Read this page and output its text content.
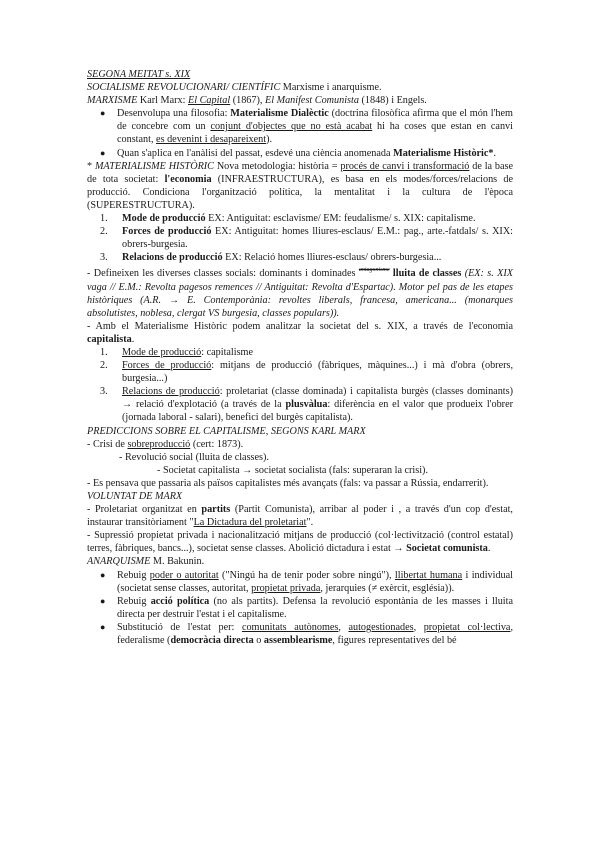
SEGONA MEITAT s. XIX

SOCIALISME REVOLUCIONARI/ CIENTÍFIC Marxisme i anarquisme.

MARXISME Karl Marx: El Capital (1867), El Manifest Comunista (1848) i Engels.

● Desenvolupa una filosofia: Materialisme Dialèctic (doctrina filosòfica afirma que el món l'hem de concebre com un conjunt d'objectes que no està acabat hi ha coses que estan en canvi constant, es devenint i desapareixent).
● Quan s'aplica en l'anàlisi del passat, esdevé una ciència anomenada Materialisme Històric*.

* MATERIALISME HISTÒRIC Nova metodologia: història = procés de canvi i transformació de la base de tota societat: l'economia (INFRAESTRUCTURA), es basa en els modes/forces/relacions de producció. Condiciona l'organització política, la mentalitat i la cultura de l'època (SUPERESTRUCTURA).

1. Mode de producció EX: Antiguitat: esclavisme/ EM: feudalisme/ s. XIX: capitalisme.
2. Forces de producció EX: Antiguitat: homes lliures-esclaus/ E.M.: pag., arte.-fatdals/ s. XIX: obrers-burgesia.
3. Relacions de producció EX: Relació homes lliures-esclaus/ obrers-burgesia...

- Defineixen les diverses classes socials: dominants i dominades $^{antagonisme}$ lluita de classes (EX: s. XIX vaga // E.M.: Revolta pagesos remences // Antiguitat: Revolta d'Espartac). Motor pel pas de les etapes històriques (A.R. → E. Contemporània: revoltes liberals, francesa, americana... (monarques absolutistes, noblesa, clergat VS burgesia, classes populars)).

- Amb el Materialisme Històric podem analitzar la societat del s. XIX, a través de l'economia capitalista.

1. Mode de producció: capitalisme
2. Forces de producció: mitjans de producció (fàbriques, màquines...) i mà d'obra (obrers, burgesia...)
3. Relacions de producció: proletariat (classe dominada) i capitalista burgès (classes dominants) → relació d'explotació (a través de la plusvàlua: diferència en el valor que produeix l'obrer (jornada laboral - salari), benefici del burgès capitalista).

PREDICCIONS SOBRE EL CAPITALISME, SEGONS KARL MARX

- Crisi de sobreproducció (cert: 1873).

- Revolució social (lluita de classes).

- Societat capitalista → societat socialista (fals: superaran la crisi).

- Es pensava que passaria als països capitalistes més avançats (fals: va passar a Rússia, endarrerit).

VOLUNTAT DE MARX

- Proletariat organitzat en partits (Partit Comunista), arribar al poder i , a través d'un cop d'estat, instaurar transitòriament "La Dictadura del proletariat".

- Supressió propietat privada i nacionalització mitjans de producció (col·lectivització (control estatal) terres, fàbriques, bancs...), societat sense classes. Abolició dictadura i estat → Societat comunista.

ANARQUISME M. Bakunin.

● Rebuig poder o autoritat ("Ningú ha de tenir poder sobre ningú"), llibertat humana i individual (societat sense classes, autoritat, propietat privada, jerarquies (≠ exèrcit, església)).
● Rebuig acció política (no als partits). Defensa la revolució espontània de les masses i lluita directa per destruir l'estat i el capitalisme.
● Substitució de l'estat per: comunitats autònomes, autogestionades, propietat col·lectiva, federalisme (democràcia directa o assemblearisme, figures representatives del bé
